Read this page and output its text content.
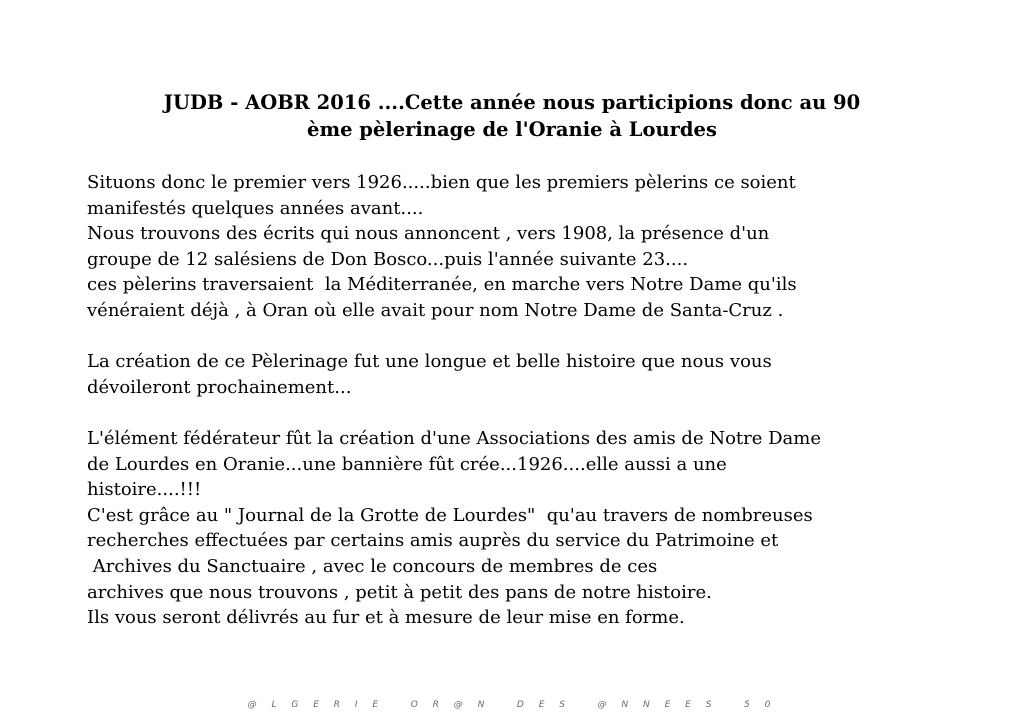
JUDB - AOBR 2016 ....Cette année nous participions donc au 90
ème pèlerinage de l'Oranie à Lourdes
Situons donc le premier vers 1926.....bien que les premiers pèlerins ce soient
manifestés quelques années avant....
Nous trouvons des écrits qui nous annoncent , vers 1908, la présence d'un
groupe de 12 salésiens de Don Bosco...puis l'année suivante 23....
ces pèlerins traversaient  la Méditerranée, en marche vers Notre Dame qu'ils
vénéraient déjà , à Oran où elle avait pour nom Notre Dame de Santa-Cruz .
La création de ce Pèlerinage fut une longue et belle histoire que nous vous
dévoileront prochainement...
L'élément fédérateur fût la création d'une Associations des amis de Notre Dame
de Lourdes en Oranie...une bannière fût crée...1926....elle aussi a une
histoire....!!!
C'est grâce au " Journal de la Grotte de Lourdes"  qu'au travers de nombreuses
recherches effectuées par certains amis auprès du service du Patrimoine et
Archives du Sanctuaire , avec le concours de membres de ces
archives que nous trouvons , petit à petit des pans de notre histoire.
Ils vous seront délivrés au fur et à mesure de leur mise en forme.
@ L G E R I E   O R @ N   D E S   @ N N E E S   5 0
